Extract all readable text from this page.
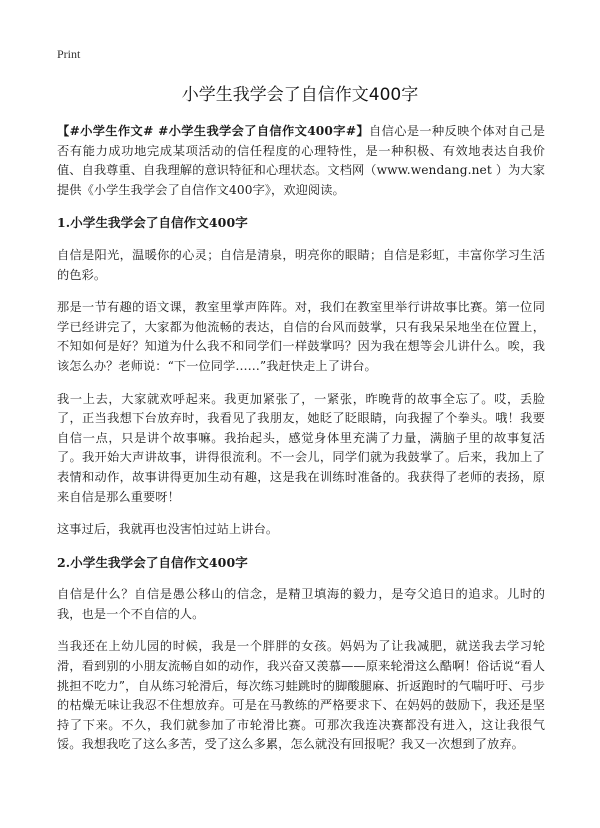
Print
小学生我学会了自信作文400字

【#小学生作文# #小学生我学会了自信作文400字#】自信心是一种反映个体对自己是否有能力成功地完成某项活动的信任程度的心理特性，是一种积极、有效地表达自我价值、自我尊重、自我理解的意识特征和心理状态。文档网（www.wendang.net ）为大家提供《小学生我学会了自信作文400字》，欢迎阅读。

1.小学生我学会了自信作文400字

自信是阳光，温暖你的心灵；自信是清泉，明亮你的眼睛；自信是彩虹，丰富你学习生活的色彩。

那是一节有趣的语文课，教室里掌声阵阵。对，我们在教室里举行讲故事比赛。第一位同学已经讲完了，大家都为他流畅的表达，自信的台风而鼓掌，只有我呆呆地坐在位置上，不知如何是好？知道为什么我不和同学们一样鼓掌吗？因为我在想等会儿讲什么。唉，我该怎么办？老师说：“下一位同学……”我赶快走上了讲台。

我一上去，大家就欢呼起来。我更加紧张了，一紧张，昨晚背的故事全忘了。哎，丢脸了，正当我想下台放弃时，我看见了我朋友，她眨了眨眼睛，向我握了个拳头。哦！我要自信一点，只是讲个故事嘛。我抬起头，感觉身体里充满了力量，满脑子里的故事复活了。我开始大声讲故事，讲得很流利。不一会儿，同学们就为我鼓掌了。后来，我加上了表情和动作，故事讲得更加生动有趣，这是我在训练时准备的。我获得了老师的表扬，原来自信是那么重要呀！

这事过后，我就再也没害怕过站上讲台。

2.小学生我学会了自信作文400字

自信是什么？自信是愚公移山的信念，是精卫填海的毅力，是夸父追日的追求。儿时的我，也是一个不自信的人。

当我还在上幼儿园的时候，我是一个胖胖的女孩。妈妈为了让我减肥，就送我去学习轮滑，看到别的小朋友流畅自如的动作，我兴奋又羡慕——原来轮滑这么酷啊！俗话说“看人挑担不吃力”，自从练习轮滑后，每次练习蛙跳时的脚酸腿麻、折返跑时的气喘吁吁、弓步的枯燥无味让我忍不住想放弃。可是在马教练的严格要求下、在妈妈的鼓励下，我还是坚持了下来。不久，我们就参加了市轮滑比赛。可那次我连决赛都没有进入，这让我很气馁。我想我吃了这么多苦，受了这么多累，怎么就没有回报呢？我又一次想到了放弃。
